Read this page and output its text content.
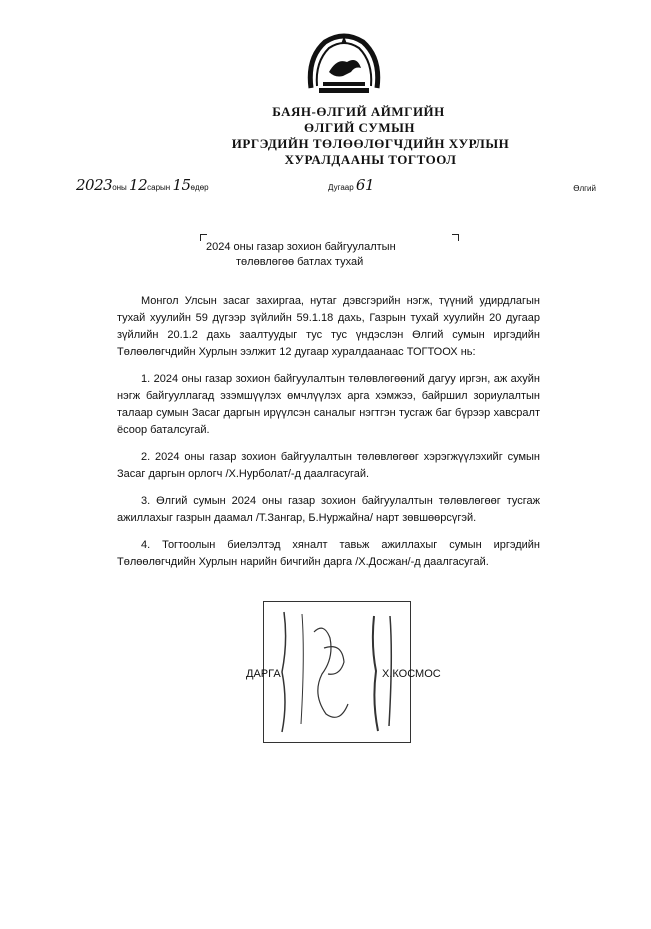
БАЯН-ӨЛГИЙ АЙМГИЙН
ӨЛГИЙ СУМЫН
ИРГЭДИЙН ТӨЛӨӨЛӨГЧДИЙН ХУРЛЫН
ХУРАЛДААНЫ ТОГТООЛ
2023оны 12сарын 15өдөр	Дугаар 61	Өлгий
2024 оны газар зохион байгуулалтын
төлөвлөгөө батлах тухай

Монгол Улсын засаг захиргаа, нутаг дэвсгэрийн нэгж, түүний удирдлагын тухай хуулийн 59 дүгээр зүйлийн 59.1.18 дахь, Газрын тухай хуулийн 20 дугаар зүйлийн 20.1.2 дахь заалтуудыг тус тус үндэслэн Өлгий сумын иргэдийн Төлөөлөгчдийн Хурлын ээлжит 12 дугаар хуралдаанаас ТОГТООХ нь:

1. 2024 оны газар зохион байгуулалтын төлөвлөгөөний дагуу иргэн, аж ахуйн нэгж байгууллагад эзэмшүүлэх өмчлүүлэх арга хэмжээ, байршил зориулалтын талаар сумын Засаг даргын ирүүлсэн саналыг нэгтгэн тусгаж баг бүрээр хавсралт ёсоор баталсугай.

2. 2024 оны газар зохион байгуулалтын төлөвлөгөөг хэрэгжүүлэхийг сумын Засаг даргын орлогч /Х.Нурболат/-д даалгасугай.

3. Өлгий сумын 2024 оны газар зохион байгуулалтын төлөвлөгөөг тусгаж ажиллахыг газрын даамал /Т.Зангар, Б.Нуржайна/ нарт зөвшөөрсүгэй.

4. Тогтоолын биелэлтэд хяналт тавьж ажиллахыг сумын иргэдийн Төлөөлөгчдийн Хурлын нарийн бичгийн дарга /Х.Досжан/-д даалгасугай.

ДАРГА	Х.КОСМОС
